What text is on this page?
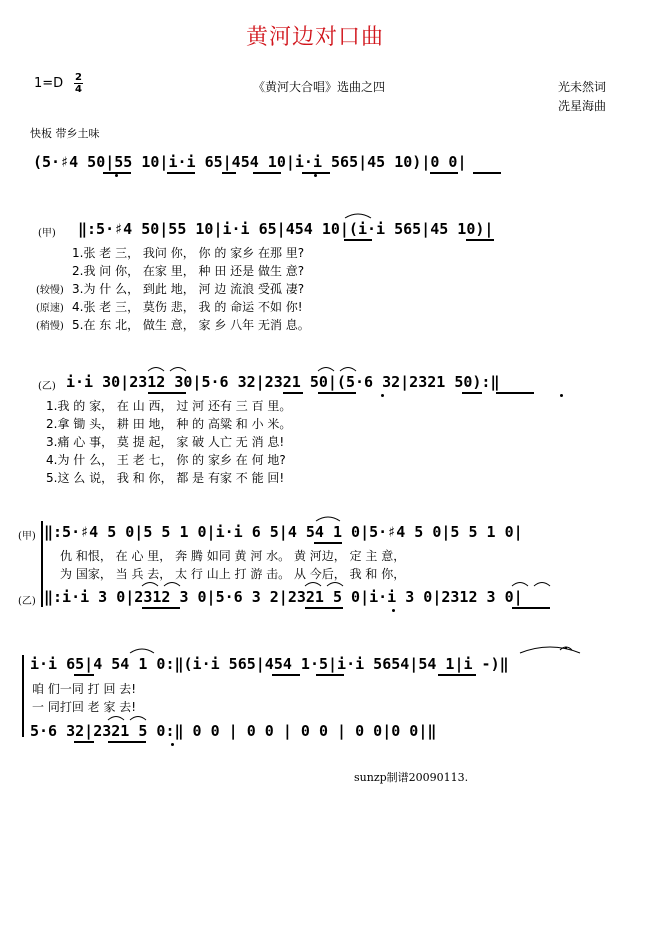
黄河边对口曲
1=D 2
4	《黄河大合唱》选曲之四	光未然词
冼星海曲
快板 带乡土味
(5·♯4 50|55 10|i·i 65|454 10|i·i 565|45 10)|0 0|
(甲) ‖:5·♯4 50|55 10|i·i 65|454 10|(i·i 565|45 10)|
1.张 老 三， 我问 你， 你 的 家乡 在那 里?
2.我 问 你， 在家 里， 种 田 还是 做生 意?
(较慢) 3.为 什 么， 到此 地， 河 边 流浪 受孤 凄?
(原速) 4.张 老 三， 莫伤 悲， 我 的 命运 不如 你!
(稍慢) 5.在 东 北， 做生 意， 家 乡 八年 无消 息。
(乙) i·i 30|2312 30|5·6 32|2321 50|(5·6 32|2321 50):‖
1.我 的 家， 在 山 西， 过 河 还有 三 百 里。
2.拿 锄 头， 耕 田 地， 种 的 高粱 和 小 米。
3.痛 心 事， 莫 提 起， 家 破 人亡 无 消 息!
4.为 什 么， 王 老 七， 你 的 家乡 在 何 地?
5.这 么 说， 我 和 你， 都 是 有家 不 能 回!
(甲) ‖:5·♯4 5 0|5 5 1 0|i·i 6 5|4 54 1 0|5·♯4 5 0|5 5 1 0|
仇 和恨， 在 心 里， 奔 腾 如同 黄 河 水。 黄 河边， 定 主 意，
为 国家， 当 兵 去， 太 行 山上 打 游 击。 从 今后， 我 和 你，
(乙) ‖:i·i 3 0|2312 3 0|5·6 3 2|2321 5 0|i·i 3 0|2312 3 0|
i·i 65|4 54 1 0:‖(i·i 565|454 1·5|i·i 5654|54 1|i -)‖
咱 们一同 打 回 去!
一 同打回 老 家 去!
5·6 32|2321 5 0:‖ 0 0 | 0 0 | 0 0 | 0 0|0 0|‖
sunzp制谱20090113.
